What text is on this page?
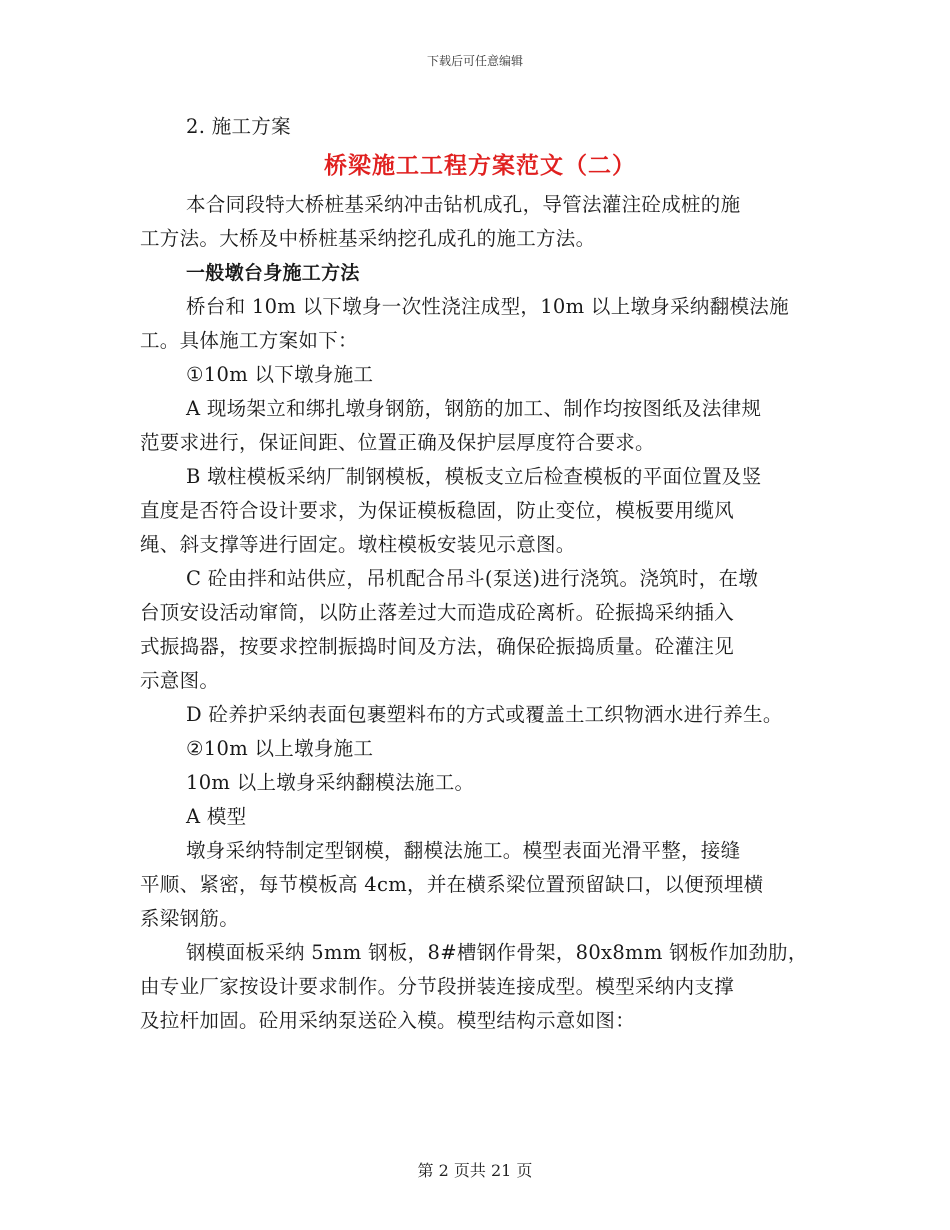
下载后可任意编辑
2. 施工方案
桥梁施工工程方案范文（二）
本合同段特大桥桩基采纳冲击钻机成孔，导管法灌注砼成桩的施
工方法。大桥及中桥桩基采纳挖孔成孔的施工方法。
一般墩台身施工方法
桥台和 10m 以下墩身一次性浇注成型，10m 以上墩身采纳翻模法施
工。具体施工方案如下：
①10m 以下墩身施工
A 现场架立和绑扎墩身钢筋，钢筋的加工、制作均按图纸及法律规
范要求进行，保证间距、位置正确及保护层厚度符合要求。
B 墩柱模板采纳厂制钢模板，模板支立后检查模板的平面位置及竖
直度是否符合设计要求，为保证模板稳固，防止变位，模板要用缆风
绳、斜支撑等进行固定。墩柱模板安装见示意图。
C 砼由拌和站供应，吊机配合吊斗(泵送)进行浇筑。浇筑时，在墩
台顶安设活动窜筒，以防止落差过大而造成砼离析。砼振捣采纳插入
式振捣器，按要求控制振捣时间及方法，确保砼振捣质量。砼灌注见
示意图。
D 砼养护采纳表面包裹塑料布的方式或覆盖土工织物洒水进行养生。
②10m 以上墩身施工
10m 以上墩身采纳翻模法施工。
A 模型
墩身采纳特制定型钢模，翻模法施工。模型表面光滑平整，接缝
平顺、紧密，每节模板高 4cm，并在横系梁位置预留缺口，以便预埋横
系梁钢筋。
钢模面板采纳 5mm 钢板，8#槽钢作骨架，80x8mm 钢板作加劲肋，
由专业厂家按设计要求制作。分节段拼装连接成型。模型采纳内支撑
及拉杆加固。砼用采纳泵送砼入模。模型结构示意如图：
第 2 页共 21 页
